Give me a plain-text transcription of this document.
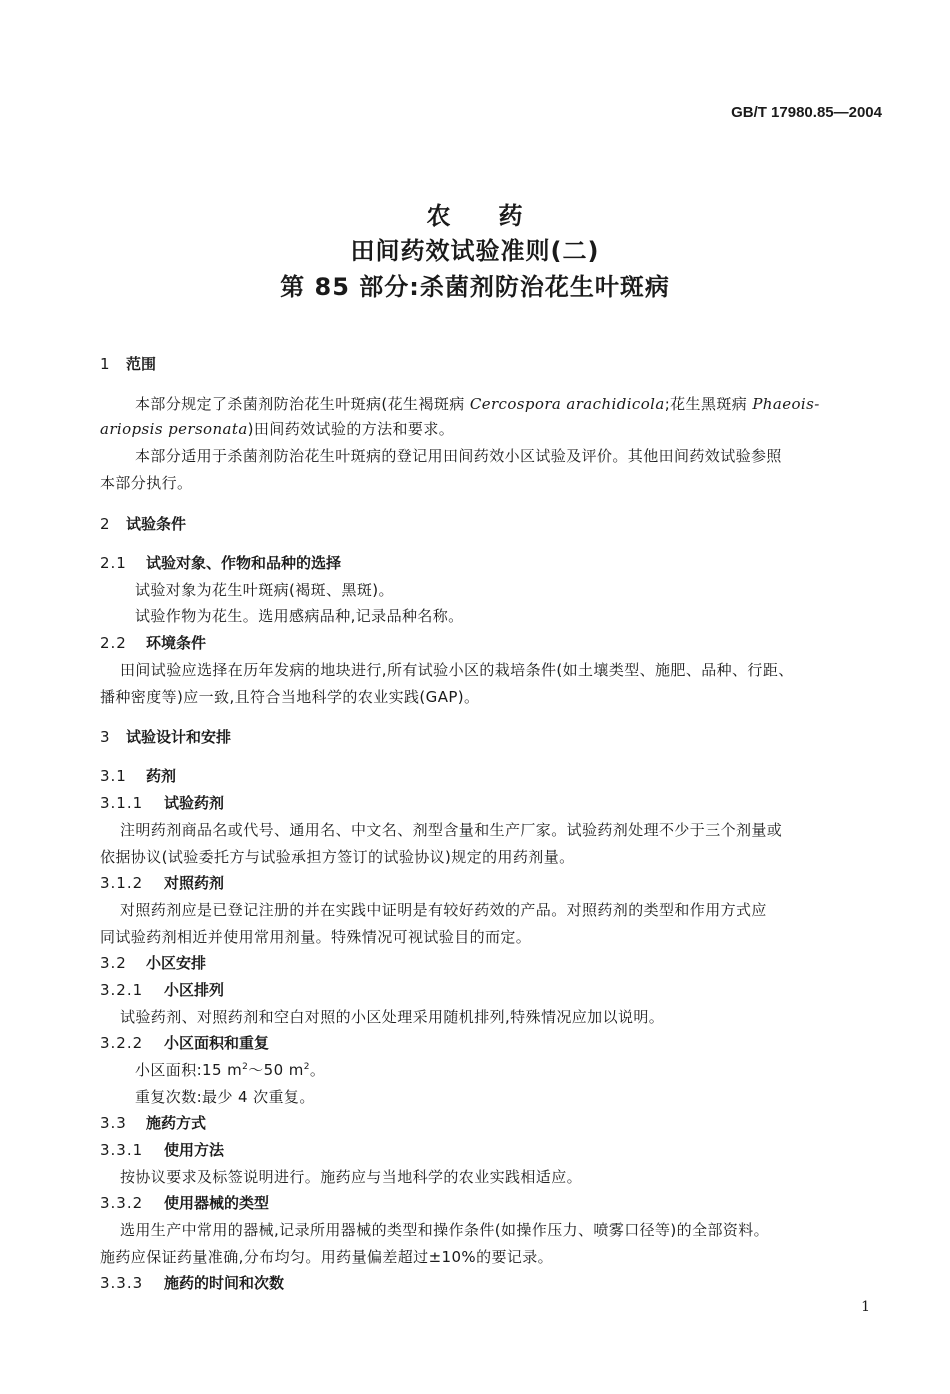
GB/T 17980.85—2004
农 药
田间药效试验准则(二)
第 85 部分:杀菌剂防治花生叶斑病
1 范围
本部分规定了杀菌剂防治花生叶斑病(花生褐斑病 Cercospora arachidicola;花生黑斑病 Phaeois-
ariopsis personata)田间药效试验的方法和要求。
本部分适用于杀菌剂防治花生叶斑病的登记用田间药效小区试验及评价。其他田间药效试验参照
本部分执行。
2 试验条件
2.1 试验对象、作物和品种的选择
试验对象为花生叶斑病(褐斑、黑斑)。
试验作物为花生。选用感病品种,记录品种名称。
2.2 环境条件
田间试验应选择在历年发病的地块进行,所有试验小区的栽培条件(如土壤类型、施肥、品种、行距、
播种密度等)应一致,且符合当地科学的农业实践(GAP)。
3 试验设计和安排
3.1 药剂
3.1.1 试验药剂
注明药剂商品名或代号、通用名、中文名、剂型含量和生产厂家。试验药剂处理不少于三个剂量或
依据协议(试验委托方与试验承担方签订的试验协议)规定的用药剂量。
3.1.2 对照药剂
对照药剂应是已登记注册的并在实践中证明是有较好药效的产品。对照药剂的类型和作用方式应
同试验药剂相近并使用常用剂量。特殊情况可视试验目的而定。
3.2 小区安排
3.2.1 小区排列
试验药剂、对照药剂和空白对照的小区处理采用随机排列,特殊情况应加以说明。
3.2.2 小区面积和重复
小区面积:15 $m^2\sim 50$ $m^2$。
重复次数:最少 4 次重复。
3.3 施药方式
3.3.1 使用方法
按协议要求及标签说明进行。施药应与当地科学的农业实践相适应。
3.3.2 使用器械的类型
选用生产中常用的器械,记录所用器械的类型和操作条件(如操作压力、喷雾口径等)的全部资料。
施药应保证药量准确,分布均匀。用药量偏差超过±10%的要记录。
3.3.3 施药的时间和次数
1
